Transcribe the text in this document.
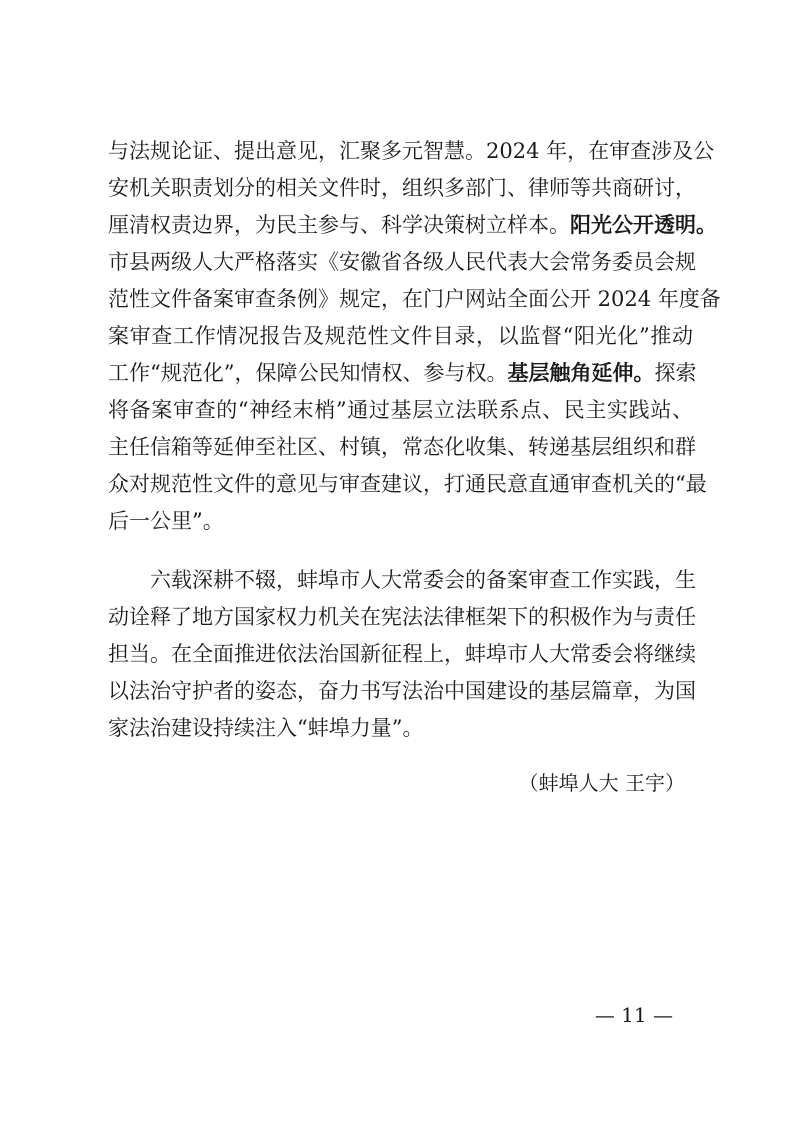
与法规论证、提出意见，汇聚多元智慧。2024 年，在审查涉及公
安机关职责划分的相关文件时，组织多部门、律师等共商研讨，
厘清权责边界，为民主参与、科学决策树立样本。阳光公开透明。
市县两级人大严格落实《安徽省各级人民代表大会常务委员会规
范性文件备案审查条例》规定，在门户网站全面公开 2024 年度备
案审查工作情况报告及规范性文件目录，以监督“阳光化”推动
工作“规范化”，保障公民知情权、参与权。基层触角延伸。探索
将备案审查的“神经末梢”通过基层立法联系点、民主实践站、
主任信箱等延伸至社区、村镇，常态化收集、转递基层组织和群
众对规范性文件的意见与审查建议，打通民意直通审查机关的“最
后一公里”。
六载深耕不辍，蚌埠市人大常委会的备案审查工作实践，生
动诠释了地方国家权力机关在宪法法律框架下的积极作为与责任
担当。在全面推进依法治国新征程上，蚌埠市人大常委会将继续
以法治守护者的姿态，奋力书写法治中国建设的基层篇章，为国
家法治建设持续注入“蚌埠力量”。
（蚌埠人大 王宇）
— 11 —
